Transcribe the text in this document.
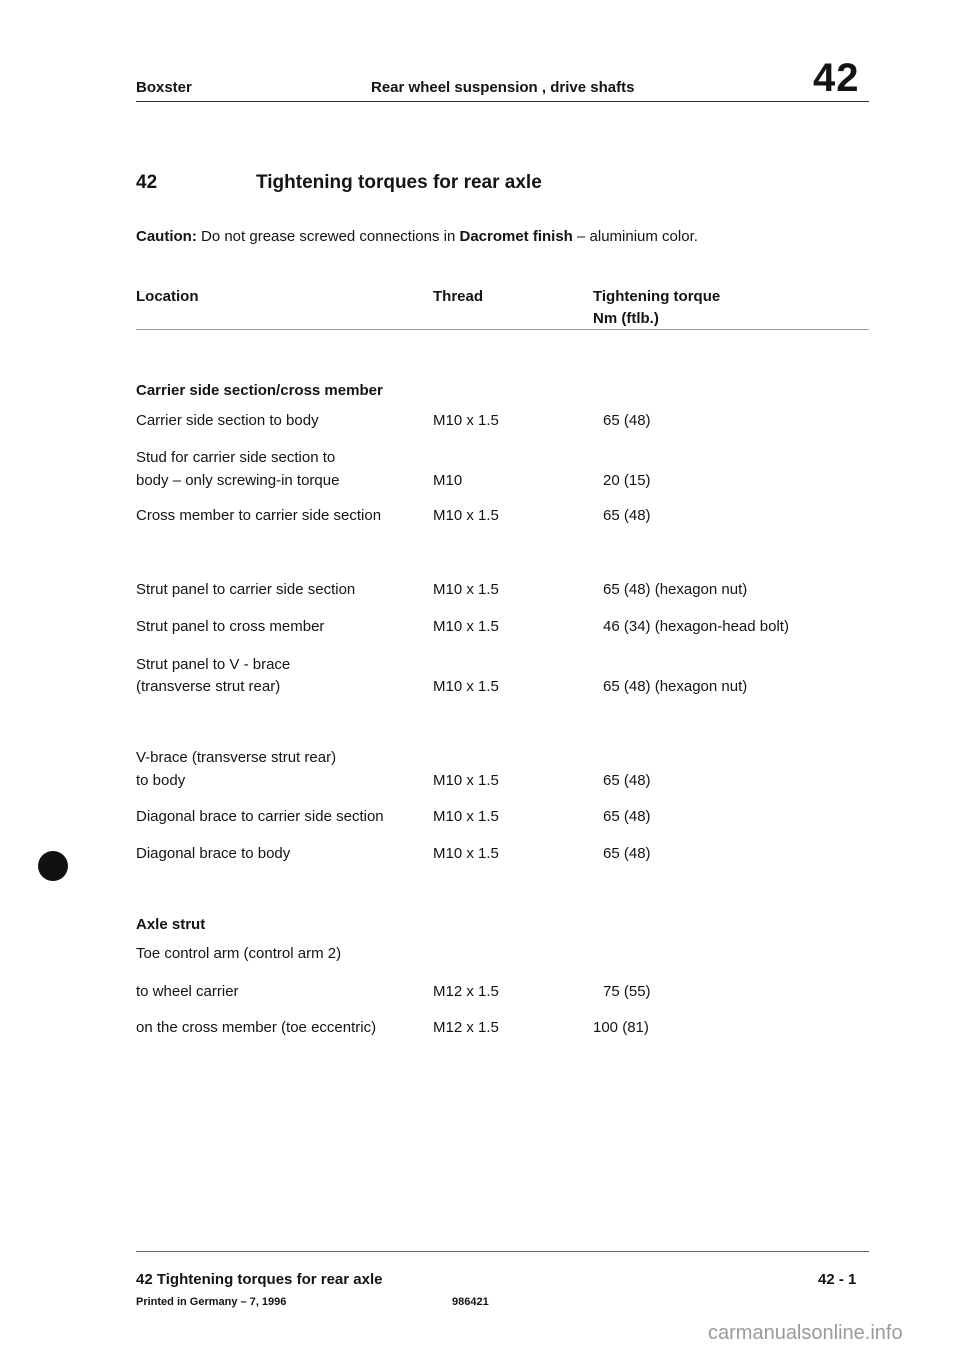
Boxster	Rear wheel suspension , drive shafts	42
42	Tightening torques for rear axle
Caution: Do not grease screwed connections in Dacromet finish – aluminium color.
Location	Thread	Tightening torque
Nm (ftlb.)
Carrier side section/cross member
Carrier side section to body	M10 x 1.5	65 (48)
Stud for carrier side section to
body – only screwing-in torque	M10	20 (15)
Cross member to carrier side section	M10 x 1.5	65 (48)
Strut panel to carrier side section	M10 x 1.5	65 (48) (hexagon nut)
Strut panel to cross member	M10 x 1.5	46 (34) (hexagon-head bolt)
Strut panel to V - brace
(transverse strut rear)	M10 x 1.5	65 (48) (hexagon nut)
V-brace (transverse strut rear)
to body	M10 x 1.5	65 (48)
Diagonal brace to carrier side section	M10 x 1.5	65 (48)
Diagonal brace to body	M10 x 1.5	65 (48)
Axle strut
Toe control arm (control arm 2)
to wheel carrier	M12 x 1.5	75 (55)
on the cross member (toe eccentric)	M12 x 1.5	100 (81)
42 Tightening torques for rear axle	42 - 1
Printed in Germany – 7, 1996	986421
carmanualsonline.info
